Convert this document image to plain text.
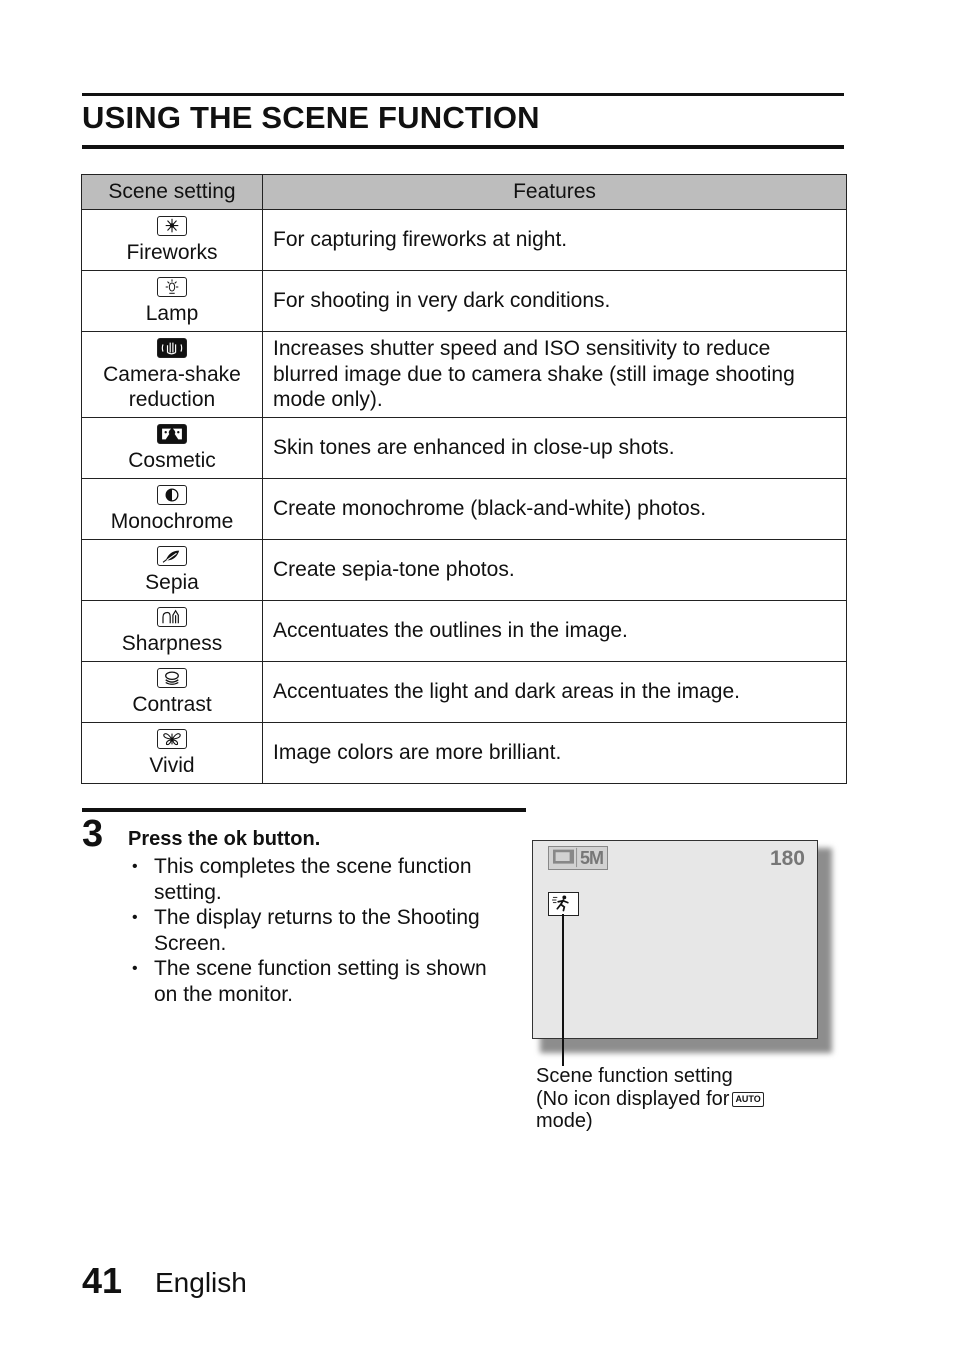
USING THE SCENE FUNCTION
Scene setting	Features

Fireworks	For capturing fireworks at night.

Lamp	For shooting in very dark conditions.

Camera-shake reduction	Increases shutter speed and ISO sensitivity to reduce blurred image due to camera shake (still image shooting mode only).

Cosmetic	Skin tones are enhanced in close-up shots.

Monochrome	Create monochrome (black-and-white) photos.

Sepia	Create sepia-tone photos.

Sharpness	Accentuates the outlines in the image.

Contrast	Accentuates the light and dark areas in the image.

Vivid	Image colors are more brilliant.
3 Press the ok button.
• This completes the scene function setting.
• The display returns to the Shooting Screen.
• The scene function setting is shown on the monitor.
5M	180
Scene function setting
(No icon displayed for AUTO
mode)
41 English
